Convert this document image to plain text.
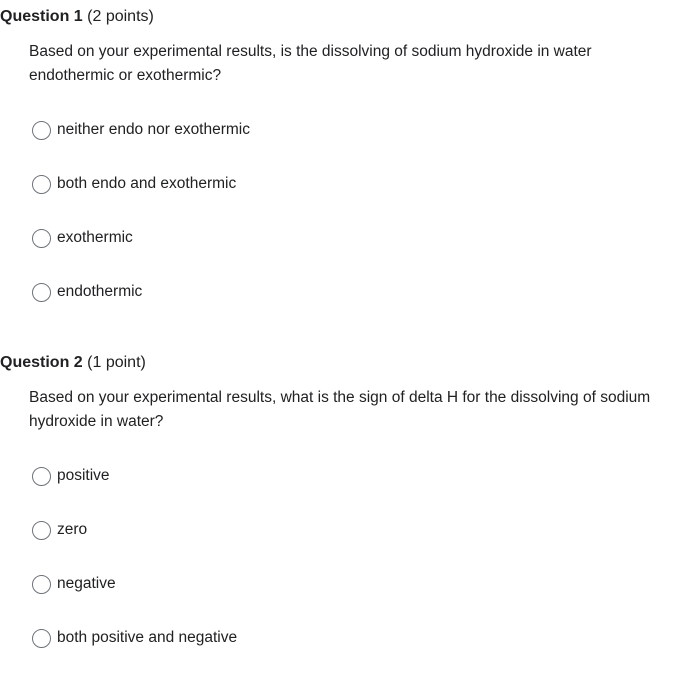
Question 1 (2 points)
Based on your experimental results, is the dissolving of sodium hydroxide in water endothermic or exothermic?
neither endo nor exothermic
both endo and exothermic
exothermic
endothermic
Question 2 (1 point)
Based on your experimental results, what is the sign of delta H for the dissolving of sodium hydroxide in water?
positive
zero
negative
both positive and negative
